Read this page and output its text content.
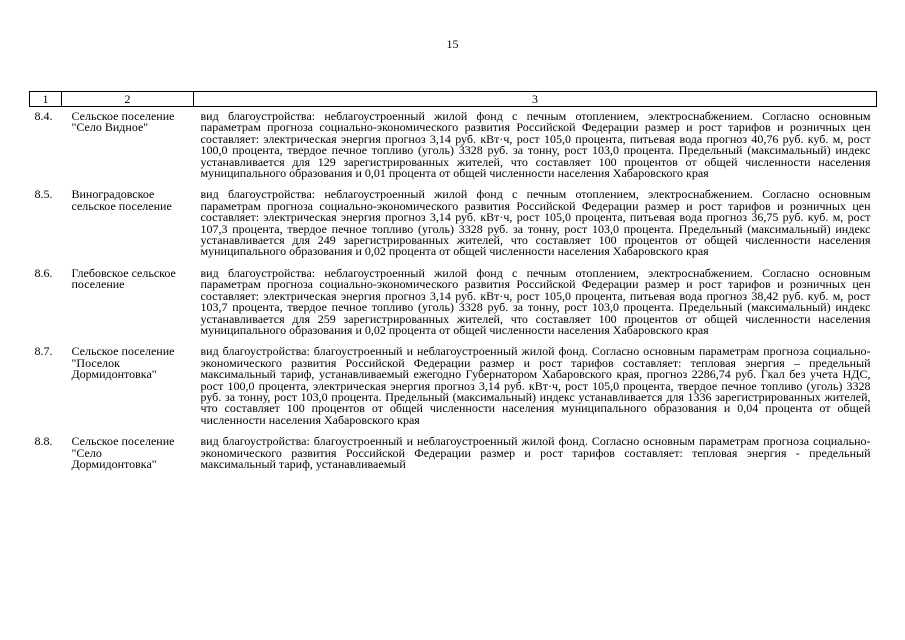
15
1	2	3
8.4.	Сельское поселение "Село Видное"	вид благоустройства: неблагоустроенный жилой фонд с печным отоплением, электроснабжением. Согласно основным параметрам прогноза социально-экономического развития Российской Федерации размер и рост тарифов и розничных цен составляет: электрическая энергия прогноз 3,14 руб. кВт·ч, рост 105,0 процента, питьевая вода прогноз 40,76 руб. куб. м, рост 100,0 процента, твердое печное топливо (уголь) 3328 руб. за тонну, рост 103,0 процента. Предельный (максимальный) индекс устанавливается для 129 зарегистрированных жителей, что составляет 100 процентов от общей численности населения муниципального образования и 0,01 процента от общей численности населения Хабаровского края
8.5.	Виноградовское сельское поселение	вид благоустройства: неблагоустроенный жилой фонд с печным отоплением, электроснабжением. Согласно основным параметрам прогноза социально-экономического развития Российской Федерации размер и рост тарифов и розничных цен составляет: электрическая энергия прогноз 3,14 руб. кВт·ч, рост 105,0 процента, питьевая вода прогноз 36,75 руб. куб. м, рост 107,3 процента, твердое печное топливо (уголь) 3328 руб. за тонну, рост 103,0 процента. Предельный (максимальный) индекс устанавливается для 249 зарегистрированных жителей, что составляет 100 процентов от общей численности населения муниципального образования и 0,02 процента от общей численности населения Хабаровского края
8.6.	Глебовское сельское поселение	вид благоустройства: неблагоустроенный жилой фонд с печным отоплением, электроснабжением. Согласно основным параметрам прогноза социально-экономического развития Российской Федерации размер и рост тарифов и розничных цен составляет: электрическая энергия прогноз 3,14 руб. кВт·ч, рост 105,0 процента, питьевая вода прогноз 38,42 руб. куб. м, рост 103,7 процента, твердое печное топливо (уголь) 3328 руб. за тонну, рост 103,0 процента. Предельный (максимальный) индекс устанавливается для 259 зарегистрированных жителей, что составляет 100 процентов от общей численности населения муниципального образования и 0,02 процента от общей численности населения Хабаровского края
8.7.	Сельское поселение "Поселок Дормидонтовка"	вид благоустройства: благоустроенный и неблагоустроенный жилой фонд. Согласно основным параметрам прогноза социально-экономического развития Российской Федерации размер и рост тарифов составляет: тепловая энергия – предельный максимальный тариф, устанавливаемый ежегодно Губернатором Хабаровского края, прогноз 2286,74 руб. Гкал без учета НДС, рост 100,0 процента, электрическая энергия прогноз 3,14 руб. кВт·ч, рост 105,0 процента, твердое печное топливо (уголь) 3328 руб. за тонну, рост 103,0 процента. Предельный (максимальный) индекс устанавливается для 1336 зарегистрированных жителей, что составляет 100 процентов от общей численности населения муниципального образования и 0,04 процента от общей численности населения Хабаровского края
8.8.	Сельское поселение "Село Дормидонтовка"	вид благоустройства: благоустроенный и неблагоустроенный жилой фонд. Согласно основным параметрам прогноза социально-экономического развития Российской Федерации размер и рост тарифов составляет: тепловая энергия - предельный максимальный тариф, устанавливаемый
